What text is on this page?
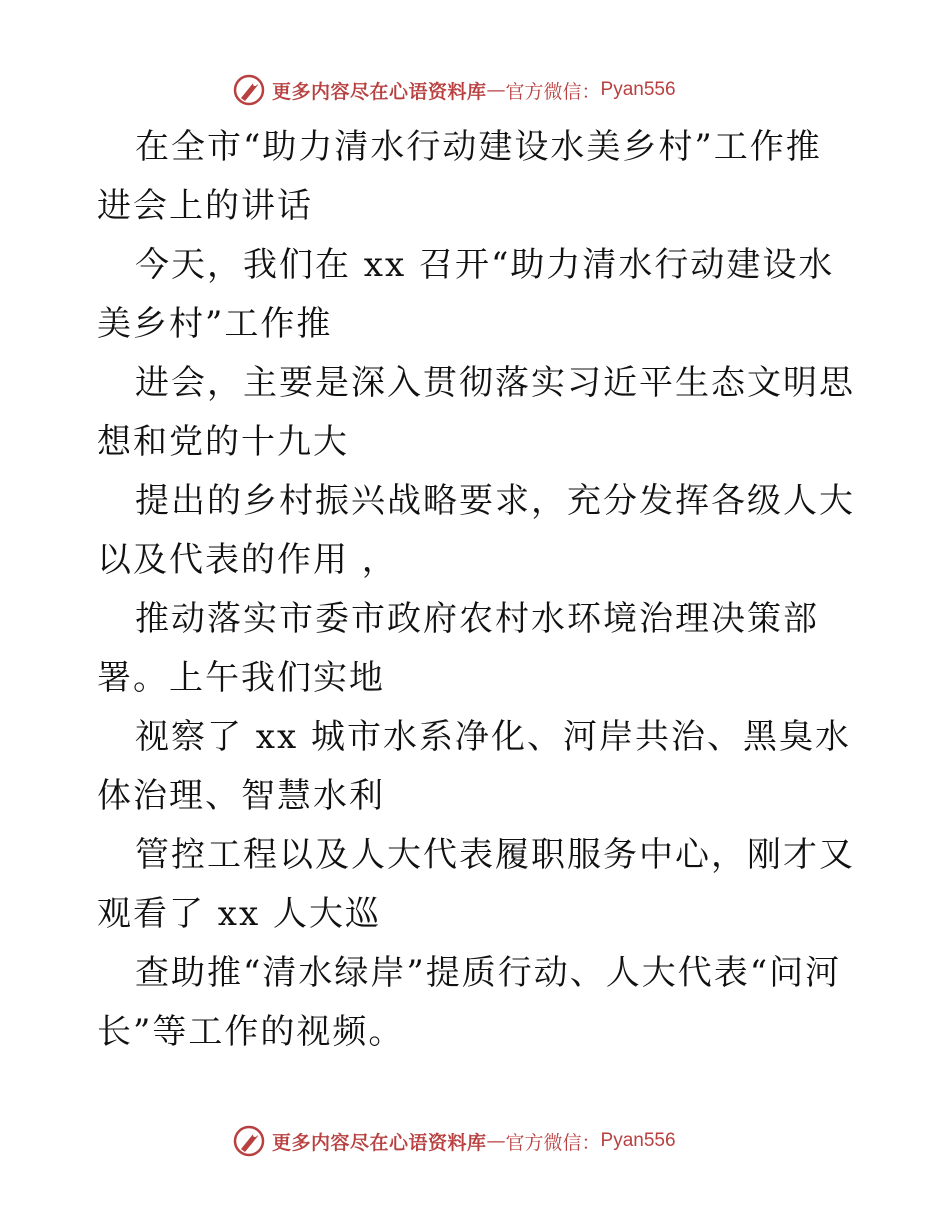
更多内容尽在心语资料库 — 官方微信： Pyan556

在全市“助力清水行动建设水美乡村”工作推进会上的讲话

今天，我们在 xx 召开“助力清水行动建设水美乡村”工作推

进会，主要是深入贯彻落实习近平生态文明思想和党的十九大

提出的乡村振兴战略要求，充分发挥各级人大以及代表的作用 ，

推动落实市委市政府农村水环境治理决策部署。上午我们实地

视察了 xx 城市水系净化、河岸共治、黑臭水体治理、智慧水利

管控工程以及人大代表履职服务中心，刚才又观看了 xx 人大巡

查助推“清水绿岸”提质行动、人大代表“问河长”等工作的视频。

更多内容尽在心语资料库 — 官方微信： Pyan556
